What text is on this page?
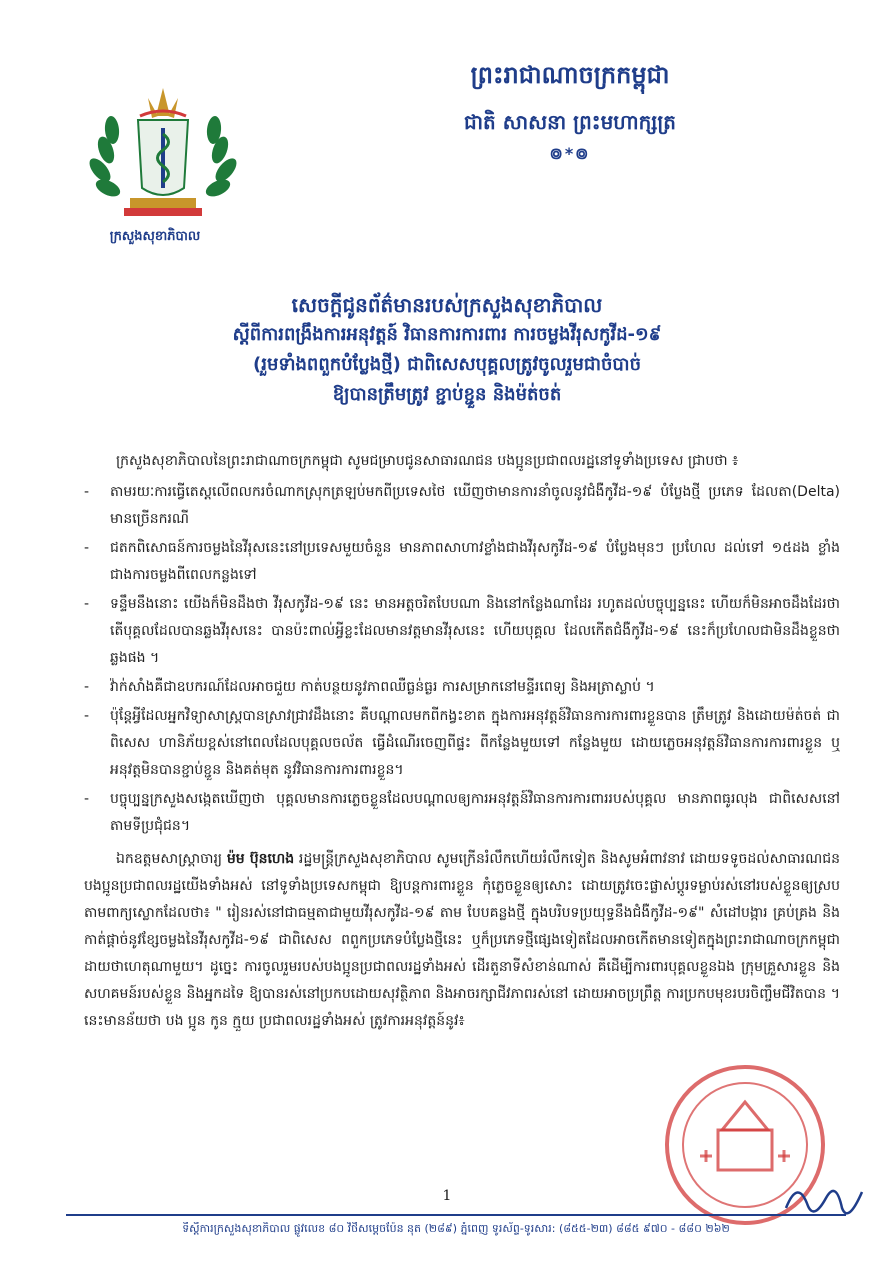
ក្រសួងសុខាភិបាល
ព្រះរាជាណាចក្រកម្ពុជា
ជាតិ សាសនា ព្រះមហាក្សត្រ
៙*៙
សេចក្តីជូនព័ត៌មានរបស់ក្រសួងសុខាភិបាល
ស្តីពីការពង្រឹងការអនុវត្តន៍ វិធានការការពារ ការចម្លងវីរុសកូវីដ-១៩
(រួមទាំងពពួកបំប្លែងថ្មី) ជាពិសេសបុគ្គលត្រូវចូលរួមជាចំបាច់
ឱ្យបានត្រឹមត្រូវ ខ្ជាប់ខ្ជួន និងម៉ត់ចត់

ក្រសួងសុខាភិបាលនៃព្រះរាជាណាចក្រកម្ពុជា សូមជម្រាបជូនសាធារណជន បងប្អូនប្រជាពលរដ្ឋនៅទូទាំងប្រទេស ជ្រាបថា ៖

- តាមរយៈការធ្វើតេស្តលើពលករចំណាកស្រុកត្រឡប់មកពីប្រទេសថៃ ឃើញថាមានការនាំចូលនូវជំងឺកូវីដ-១៩ បំប្លែងថ្មី ប្រភេទ ដែលតា(Delta) មានច្រើនករណី
- ជតកពិសោធន៍ការចម្លងនៃវីរុសនេះនៅប្រទេសមួយចំនួន មានភាពសាហាវខ្លាំងជាងវីរុសកូវីដ-១៩ បំប្លែងមុនៗ ប្រហែល ដល់ទៅ ១៥ដង ខ្លាំងជាងការចម្លងពីពេលកន្លងទៅ
- ទន្ទឹមនឹងនោះ យើងក៏មិនដឹងថា វីរុសកូវីដ-១៩ នេះ មានអត្តចរិតបែបណា និងនៅកន្លែងណាដែរ រហូតដល់បច្ចុប្បន្ននេះ ហើយក៏មិនអាចដឹងដែរថា តើបុគ្គលដែលបានឆ្លងវីរុសនេះ បានប៉ះពាល់អ្វីខ្លះដែលមានវត្តមានវីរុសនេះ ហើយបុគ្គល ដែលកើតជំងឺកូវីដ-១៩ នេះក៏ប្រហែលជាមិនដឹងខ្លួនថាឆ្លងផង ។
- វ៉ាក់សាំងគឺជាឧបករណ៍ដែលអាចជួយ កាត់បន្ថយនូវភាពឈឺធ្ងន់ធ្ងរ ការសម្រាកនៅមន្ទីរពេទ្យ និងអត្រាស្លាប់ ។
- ប៉ុន្តែអ្វីដែលអ្នកវិទ្យាសាស្ត្របានស្រាវជ្រាវដឹងនោះ គឺបណ្តាលមកពីកង្វះខាត ក្នុងការអនុវត្តន៍វិធានការការពារខ្លួនបាន ត្រឹមត្រូវ និងដោយម៉ត់ចត់ ជាពិសេស ហានិភ័យខ្ពស់នៅពេលដែលបុគ្គលចល័ត ធ្វើដំណើរចេញពីផ្ទះ ពីកន្លែងមួយទៅ កន្លែងមួយ ដោយភ្លេចអនុវត្តន៍វិធានការការពារខ្លួន ឬអនុវត្តមិនបានខ្ជាប់ខ្ជួន និងគត់មុត នូវវិធានការការពារខ្លួន។
- បច្ចុប្បន្នក្រសួងសង្កេតឃើញថា បុគ្គលមានការភ្លេចខ្លួនដែលបណ្តាលឲ្យការអនុវត្តន៍វិធានការការពាររបស់បុគ្គល មានភាពធូរលុង ជាពិសេសនៅតាមទីប្រជុំជន។

ឯកឧត្តមសាស្ត្រាចារ្យ ម៉ម ប៊ុនហេង រដ្ឋមន្ត្រីក្រសួងសុខាភិបាល សូមក្រើនរំលឹកហើយរំលឹកទៀត និងសូមអំពាវនាវ ដោយទទូចដល់សាធារណជន បងប្អូនប្រជាពលរដ្ឋយើងទាំងអស់ នៅទូទាំងប្រទេសកម្ពុជា ឱ្យបន្តការពារខ្លួន កុំភ្លេចខ្លួនឲ្យសោះ ដោយត្រូវចេះផ្លាស់ប្តូរទម្លាប់រស់នៅរបស់ខ្លួនឲ្យស្របតាមពាក្យស្លោកដែលថា៖ " រៀនរស់នៅជាធម្មតាជាមួយវីរុសកូវីដ-១៩ តាម បែបគន្លងថ្មី ក្នុងបរិបទប្រយុទ្ធនឹងជំងឺកូវីដ-១៩" សំដៅបង្ការ គ្រប់គ្រង និងកាត់ផ្តាច់នូវខ្សែចម្លងនៃវីរុសកូវីដ-១៩ ជាពិសេស ពពួកប្រភេទបំប្លែងថ្មីនេះ ឬក៏ប្រភេទថ្មីផ្សេងទៀតដែលអាចកើតមានទៀតក្នុងព្រះរាជាណាចក្រកម្ពុជា ដាយថាហេតុណាមួយ។ ដូច្នេះ ការចូលរួមរបស់បងប្អូនប្រជាពលរដ្ឋទាំងអស់ ដើរតួនាទីសំខាន់ណាស់ គឺដើម្បីការពារបុគ្គលខ្លួនឯង ក្រុមគ្រួសារខ្លួន និង សហគមន៍របស់ខ្លួន និងអ្នកដទៃ ឱ្យបានរស់នៅប្រកបដោយសុវត្ថិភាព និងអាចរក្សាជីវភាពរស់នៅ ដោយអាចប្រព្រឹត្ត ការប្រកបមុខរបរចិញ្ចឹមជីវិតបាន ។ នេះមានន័យថា បង ប្អូន កូន ក្មួយ ប្រជាពលរដ្ឋទាំងអស់ ត្រូវការអនុវត្តន៍នូវ៖

1
ទីស្តីការក្រសួងសុខាភិបាល ផ្លូវលេខ ៨០ វិថីសម្តេចប៉ែន នុត (២៨៩) ភ្នំពេញ ទូរស័ព្ទ-ទូរសារ: (៨៥៥-២៣) ៨៨៥ ៩៧០ - ៨៨០ ២៦២
